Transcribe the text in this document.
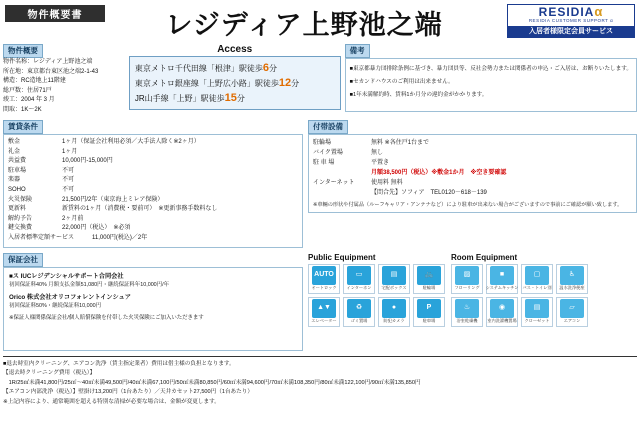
物件概要書	レジディア上野池之端	RESIDIAα
RESIDIA CUSTOMER SUPPORT α
入居者様限定会員サービス
物件概要
物件名称：レジディア上野池之端
所在地：東京都台東区池之端2-1-43
構造：RC造地上11階建
総戸数：住居71戸
竣工：2004 年 3 月
間取：1K～2K
Access
東京メトロ千代田線「根津」駅徒歩6分
東京メトロ銀座線「上野広小路」駅徒歩12分
JR山手線「上野」駅徒歩15分
備考
■東京都暴力団排除条例に基づき、暴力団員等、反社会勢力または関係者の申込・ご入居は、お断りいたします。
■セカンドハウスのご利用は出来ません。
■1年未満解約時、賃料1か月分の違約金がかかります。
賃貸条件
敷金	1ヶ月（保証会社利用必須／大手法人除く※2ヶ月）
礼金	1ヶ月
共益費	10,000円-15,000円
駐車場	不可
楽器	不可
SOHO	不可
火災保険	21,500円/2年（東京海上ミレア保険）
更新料	新賃料の1ヶ月（消費税・要前可）　※更新事務手数料なし
解約予告	2ヶ月前
鍵交換費	22,000円（税込）　※必須
入居者標準定額サービス	11,000円(税込)／2年
付帯設備
駐輪場	無料 ※各住戸1台まで
バイク置場	無し
駐 車 場	平置き
月額38,500円（税込）※敷金1か月　※空き要確認
インターネット	使用料 無料
【問合先】ソフィア　TEL0120－618－139
※車輛の形状や付属品（ルーフキャリア・アンテナなど）により駐車が出来ない場合がございますので事前にご確認が願い致します。
保証会社
■ス IUCレジデンシャルサポート合同会社
初回保証料40% 月額支払金額51,080円・継続保証料年10,000円/年
Orico 株式会社オリコフォレントインシュア
初回保証料50%・継続保証料10,000円
※保証人様関係保証会社/個人賠償保険を付帯した火災保険にご加入いただきます
Public Equipment
AUTO
オートロック
▭
インターホン
▤
宅配ボックス
🚲
駐輪場
▲▼
エレベーター
♻
ゴミ置場
●
防犯カメラ
P
駐車場
Room Equipment
▨
フローリング
■
システムキッチン
▢
バス・トイレ別
♿
温水洗浄便座
♨
浴室乾燥機
◉
室内洗濯機置場
▤
クローゼット
▱
エアコン
■退去時室内クリーニング、エアコン洗浄（賃主指定業者）費用は借主様の負担となります。
【退去時クリーニング費用（税込）】
　1R/25㎡未満41,800円/25㎡～40㎡未満49,500円/40㎡未満67,100円/50㎡未満80,850円/60㎡未満94,600円/70㎡未満108,350円/80㎡未満122,100円/90㎡未満135,850円
【エアコン内部洗浄（税込）】壁掛け13,200円（1台あたり）／天井カセット27,500円（1台あたり）
※上記内容により、通常範囲を超える特別な清掃が必要な場合は、金額が変更します。
